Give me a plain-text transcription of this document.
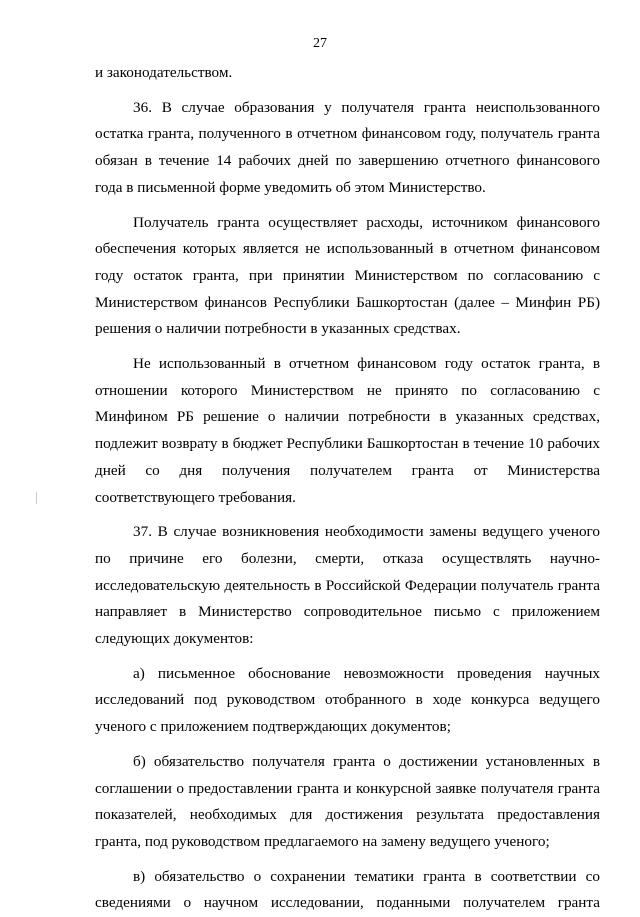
27

и законодательством.

36. В случае образования у получателя гранта неиспользованного остатка гранта, полученного в отчетном финансовом году, получатель гранта обязан в течение 14 рабочих дней по завершению отчетного финансового года в письменной форме уведомить об этом Министерство.

Получатель гранта осуществляет расходы, источником финансового обеспечения которых является не использованный в отчетном финансовом году остаток гранта, при принятии Министерством по согласованию с Министерством финансов Республики Башкортостан (далее – Минфин РБ) решения о наличии потребности в указанных средствах.

Не использованный в отчетном финансовом году остаток гранта, в отношении которого Министерством не принято по согласованию с Минфином РБ решение о наличии потребности в указанных средствах, подлежит возврату в бюджет Республики Башкортостан в течение 10 рабочих дней со дня получения получателем гранта от Министерства соответствующего требования.

37. В случае возникновения необходимости замены ведущего ученого по причине его болезни, смерти, отказа осуществлять научно-исследовательскую деятельность в Российской Федерации получатель гранта направляет в Министерство сопроводительное письмо с приложением следующих документов:

а) письменное обоснование невозможности проведения научных исследований под руководством отобранного в ходе конкурса ведущего ученого с приложением подтверждающих документов;

б) обязательство получателя гранта о достижении установленных в соглашении о предоставлении гранта и конкурсной заявке получателя гранта показателей, необходимых для достижения результата предоставления гранта, под руководством предлагаемого на замену ведущего ученого;

в) обязательство о сохранении тематики гранта в соответствии со сведениями о научном исследовании, поданными получателем гранта
